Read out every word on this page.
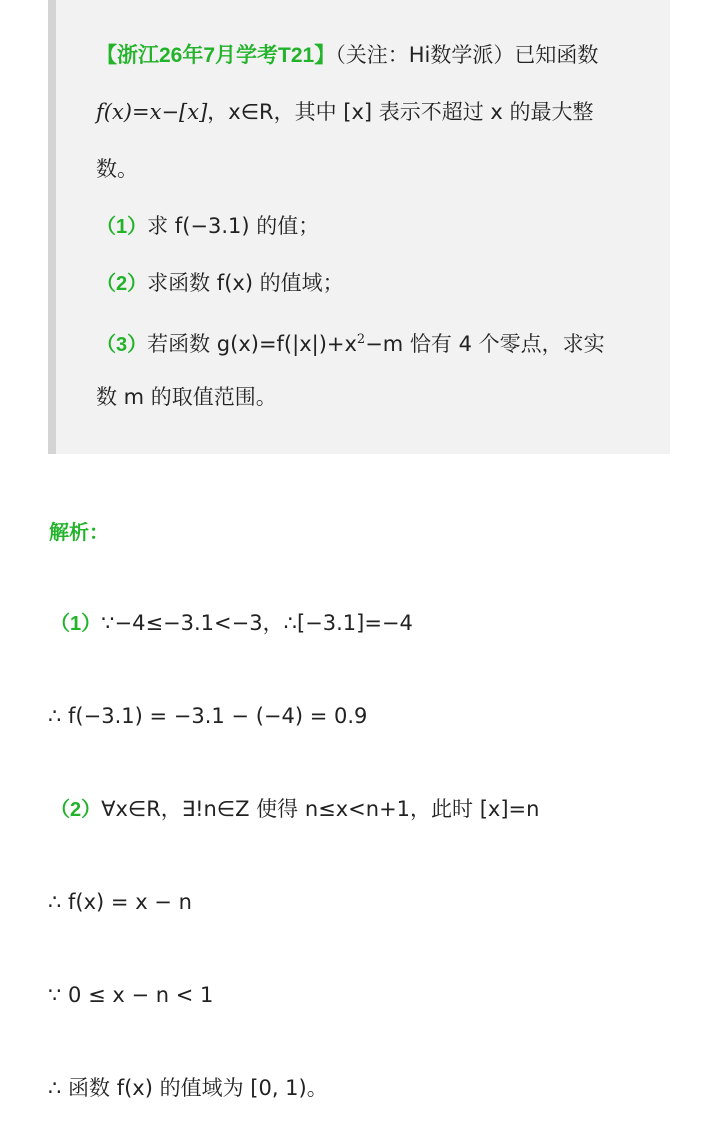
【浙江26年7月学考T21】（关注：Hi数学派）已知函数
f(x)=x−[x]，x∈R，其中 [x] 表示不超过 x 的最大整
数。
（1）求 f(−3.1) 的值；
（2）求函数 f(x) 的值域；
（3）若函数 $g(x)=f(|x|)+x^2-m$ 恰有 4 个零点，求实
数 m 的取值范围。
解析：
（1）∵−4≤−3.1<−3，∴[−3.1]=−4
∴ f(−3.1) = −3.1 − (−4) = 0.9
（2）∀x∈R，∃!n∈Z 使得 n≤x<n+1，此时 [x]=n
∴ f(x) = x − n
∵ 0 ≤ x − n < 1
∴ 函数 f(x) 的值域为 [0, 1)。
